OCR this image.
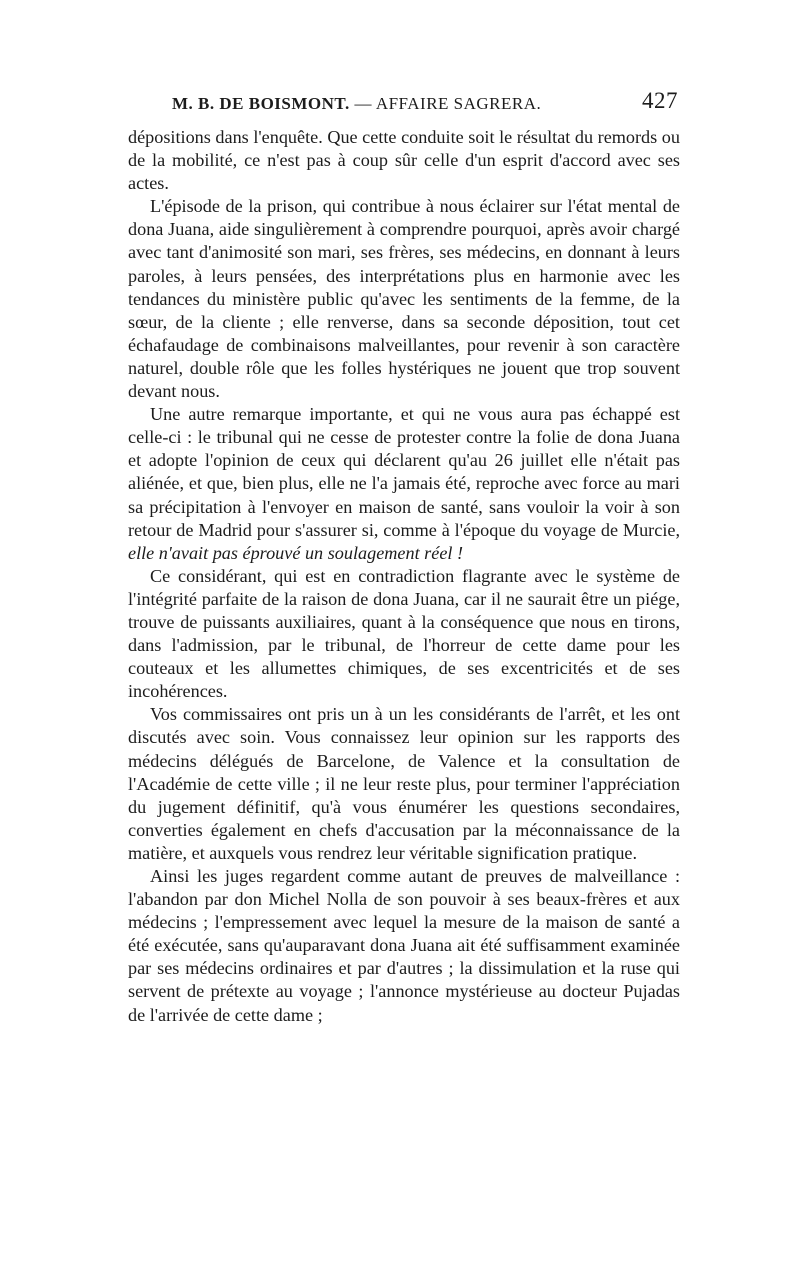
M. B. DE BOISMONT. — AFFAIRE SAGRERA.	427

dépositions dans l'enquête. Que cette conduite soit le résultat du remords ou de la mobilité, ce n'est pas à coup sûr celle d'un esprit d'accord avec ses actes.

L'épisode de la prison, qui contribue à nous éclairer sur l'état mental de dona Juana, aide singulièrement à comprendre pourquoi, après avoir chargé avec tant d'animosité son mari, ses frères, ses médecins, en donnant à leurs paroles, à leurs pensées, des interprétations plus en harmonie avec les tendances du ministère public qu'avec les sentiments de la femme, de la sœur, de la cliente ; elle renverse, dans sa seconde déposition, tout cet échafaudage de combinaisons malveillantes, pour revenir à son caractère naturel, double rôle que les folles hystériques ne jouent que trop souvent devant nous.

Une autre remarque importante, et qui ne vous aura pas échappé est celle-ci : le tribunal qui ne cesse de protester contre la folie de dona Juana et adopte l'opinion de ceux qui déclarent qu'au 26 juillet elle n'était pas aliénée, et que, bien plus, elle ne l'a jamais été, reproche avec force au mari sa précipitation à l'envoyer en maison de santé, sans vouloir la voir à son retour de Madrid pour s'assurer si, comme à l'époque du voyage de Murcie, elle n'avait pas éprouvé un soulagement réel !

Ce considérant, qui est en contradiction flagrante avec le système de l'intégrité parfaite de la raison de dona Juana, car il ne saurait être un piége, trouve de puissants auxiliaires, quant à la conséquence que nous en tirons, dans l'admission, par le tribunal, de l'horreur de cette dame pour les couteaux et les allumettes chimiques, de ses excentricités et de ses incohérences.

Vos commissaires ont pris un à un les considérants de l'arrêt, et les ont discutés avec soin. Vous connaissez leur opinion sur les rapports des médecins délégués de Barcelone, de Valence et la consultation de l'Académie de cette ville ; il ne leur reste plus, pour terminer l'appréciation du jugement définitif, qu'à vous énumérer les questions secondaires, converties également en chefs d'accusation par la méconnaissance de la matière, et auxquels vous rendrez leur véritable signification pratique.

Ainsi les juges regardent comme autant de preuves de malveillance : l'abandon par don Michel Nolla de son pouvoir à ses beaux-frères et aux médecins ; l'empressement avec lequel la mesure de la maison de santé a été exécutée, sans qu'auparavant dona Juana ait été suffisamment examinée par ses médecins ordinaires et par d'autres ; la dissimulation et la ruse qui servent de prétexte au voyage ; l'annonce mystérieuse au docteur Pujadas de l'arrivée de cette dame ;
